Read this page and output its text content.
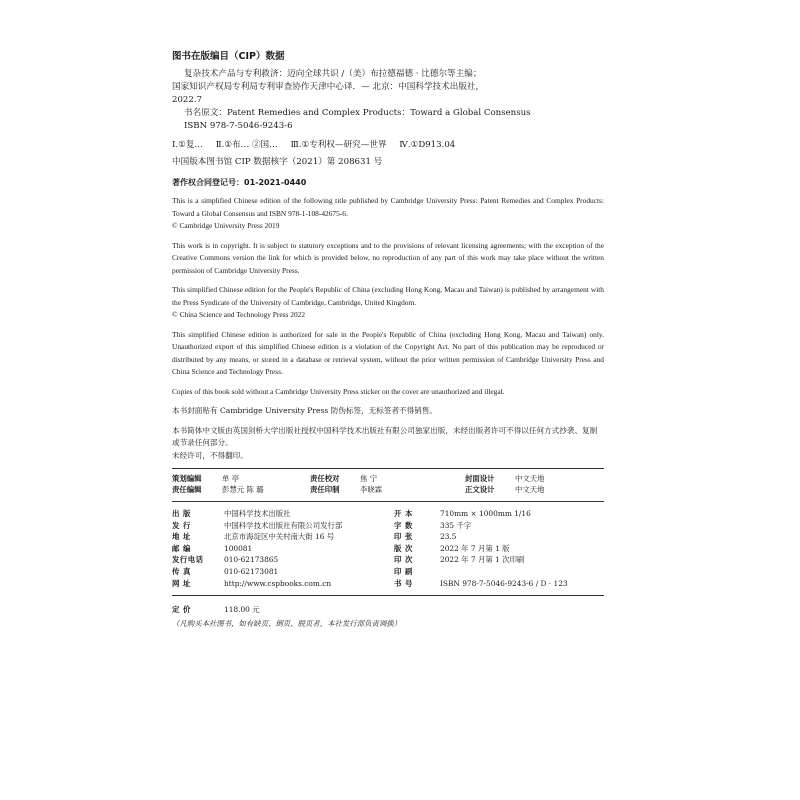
图书在版编目（CIP）数据
复杂技术产品与专利救济：迈向全球共识 /（美）布拉德福德 · 比德尔等主编；
国家知识产权局专利局专利审查协作天津中心译．— 北京：中国科学技术出版社，
2022.7
书名原文：Patent Remedies and Complex Products：Toward a Global Consensus
ISBN 978-7-5046-9243-6
Ⅰ.①复… Ⅱ.①布… ②国… Ⅲ.①专利权—研究—世界 Ⅳ.①D913.04
中国版本图书馆 CIP 数据核字（2021）第 208631 号
著作权合同登记号：01-2021-0440
This is a simplified Chinese edition of the following title published by Cambridge University Press: Patent Remedies and Complex Products: Toward a Global Consensus and ISBN 978-1-108-42675-6.
© Cambridge University Press 2019
This work is in copyright. It is subject to statutory exceptions and to the provisions of relevant licensing agreements; with the exception of the Creative Commons version the link for which is provided below, no reproduction of any part of this work may take place without the written permission of Cambridge University Press.
This simplified Chinese edition for the People's Republic of China (excluding Hong Kong, Macau and Taiwan) is published by arrangement with the Press Syndicate of the University of Cambridge, Cambridge, United Kingdom.
© China Science and Technology Press 2022
This simplified Chinese edition is authorized for sale in the People's Republic of China (excluding Hong Kong, Macau and Taiwan) only. Unauthorized export of this simplified Chinese edition is a violation of the Copyright Act. No part of this publication may be reproduced or distributed by any means, or stored in a database or retrieval system, without the prior written permission of Cambridge University Press and China Science and Technology Press.
Copies of this book sold without a Cambridge University Press sticker on the cover are unauthorized and illegal.
本书封面贴有 Cambridge University Press 防伪标签，无标签者不得销售。
本书简体中文版由英国剑桥大学出版社授权中国科学技术出版社有限公司独家出版，未经出版者许可不得以任何方式抄袭、复制或节录任何部分。
未经许可，不得翻印。
策划编辑	单 亭	责任校对	焦 宁	封面设计	中文天地
责任编辑	彭慧元 陈 璐	责任印制	李晓霖	正文设计	中文天地
出 版	中国科学技术出版社	开 本	710mm × 1000mm 1/16
发 行	中国科学技术出版社有限公司发行部	字 数	335 千字
地 址	北京市海淀区中关村南大街 16 号	印 张	23.5
邮 编	100081	版 次	2022 年 7 月第 1 版
发行电话	010-62173865	印 次	2022 年 7 月第 1 次印刷
传 真	010-62173081	印 刷
网 址	http://www.cspbooks.com.cn	书 号	ISBN 978-7-5046-9243-6 / D · 123
定 价	118.00 元
（凡购买本社图书，如有缺页、倒页、脱页者，本社发行部负责调换）
